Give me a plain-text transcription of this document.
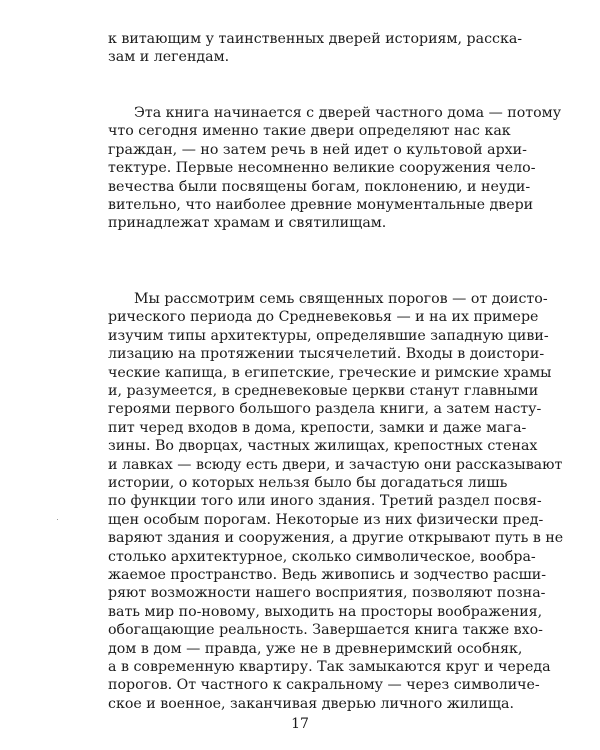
к витающим у таинственных дверей историям, расска-
зам и легендам.
Эта книга начинается с дверей частного дома — потому
что сегодня именно такие двери определяют нас как
граждан, — но затем речь в ней идет о культовой архи-
тектуре. Первые несомненно великие сооружения чело-
вечества были посвящены богам, поклонению, и неуди-
вительно, что наиболее древние монументальные двери
принадлежат храмам и святилищам.
Мы рассмотрим семь священных порогов — от доисто-
рического периода до Средневековья — и на их примере
изучим типы архитектуры, определявшие западную циви-
лизацию на протяжении тысячелетий. Входы в доистори-
ческие капища, в египетские, греческие и римские храмы
и, разумеется, в средневековые церкви станут главными
героями первого большого раздела книги, а затем насту-
пит черед входов в дома, крепости, замки и даже мага-
зины. Во дворцах, частных жилищах, крепостных стенах
и лавках — всюду есть двери, и зачастую они рассказывают
истории, о которых нельзя было бы догадаться лишь
по функции того или иного здания. Третий раздел посвя-
щен особым порогам. Некоторые из них физически пред-
варяют здания и сооружения, а другие открывают путь в не
столько архитектурное, сколько символическое, вообра-
жаемое пространство. Ведь живопись и зодчество расши-
ряют возможности нашего восприятия, позволяют позна-
вать мир по-новому, выходить на просторы воображения,
обогащающие реальность. Завершается книга также вхо-
дом в дом — правда, уже не в древнеримский особняк,
а в современную квартиру. Так замыкаются круг и череда
порогов. От частного к сакральному — через символиче-
ское и военное, заканчивая дверью личного жилища.
17
